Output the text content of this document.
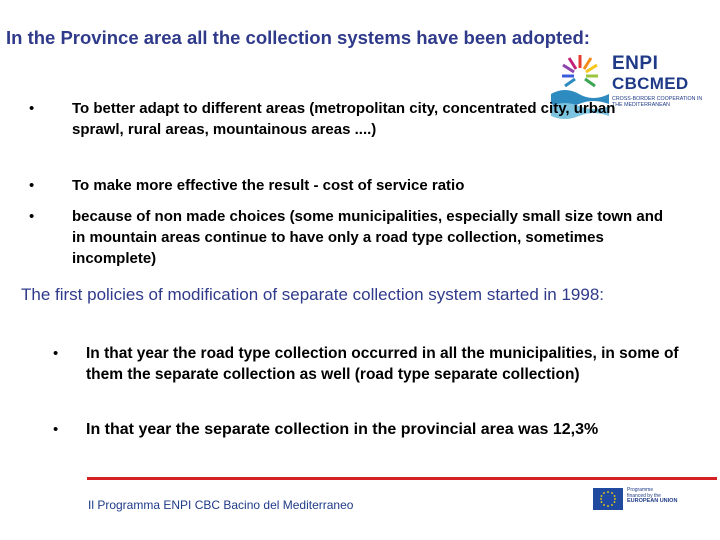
In the Province area all the collection systems have been adopted:
ENPI
CBCMED
CROSS-BORDER COOPERATION IN THE MEDITERRANEAN
•	To better adapt to different areas (metropolitan city, concentrated city, urban sprawl, rural areas, mountainous areas ....)
•	To make more effective the result - cost of service ratio
•	because of non made choices (some municipalities, especially small size town and in mountain areas continue to have only a road type collection, sometimes incomplete)
The first policies of modification of separate collection system started in 1998:
• In that year the road type collection occurred in all the municipalities, in some of them the separate collection as well (road type separate collection)
• In that year the separate collection in the provincial area was 12,3%
Il Programma ENPI CBC Bacino del Mediterraneo
Programme
financed by the
EUROPEAN UNION
